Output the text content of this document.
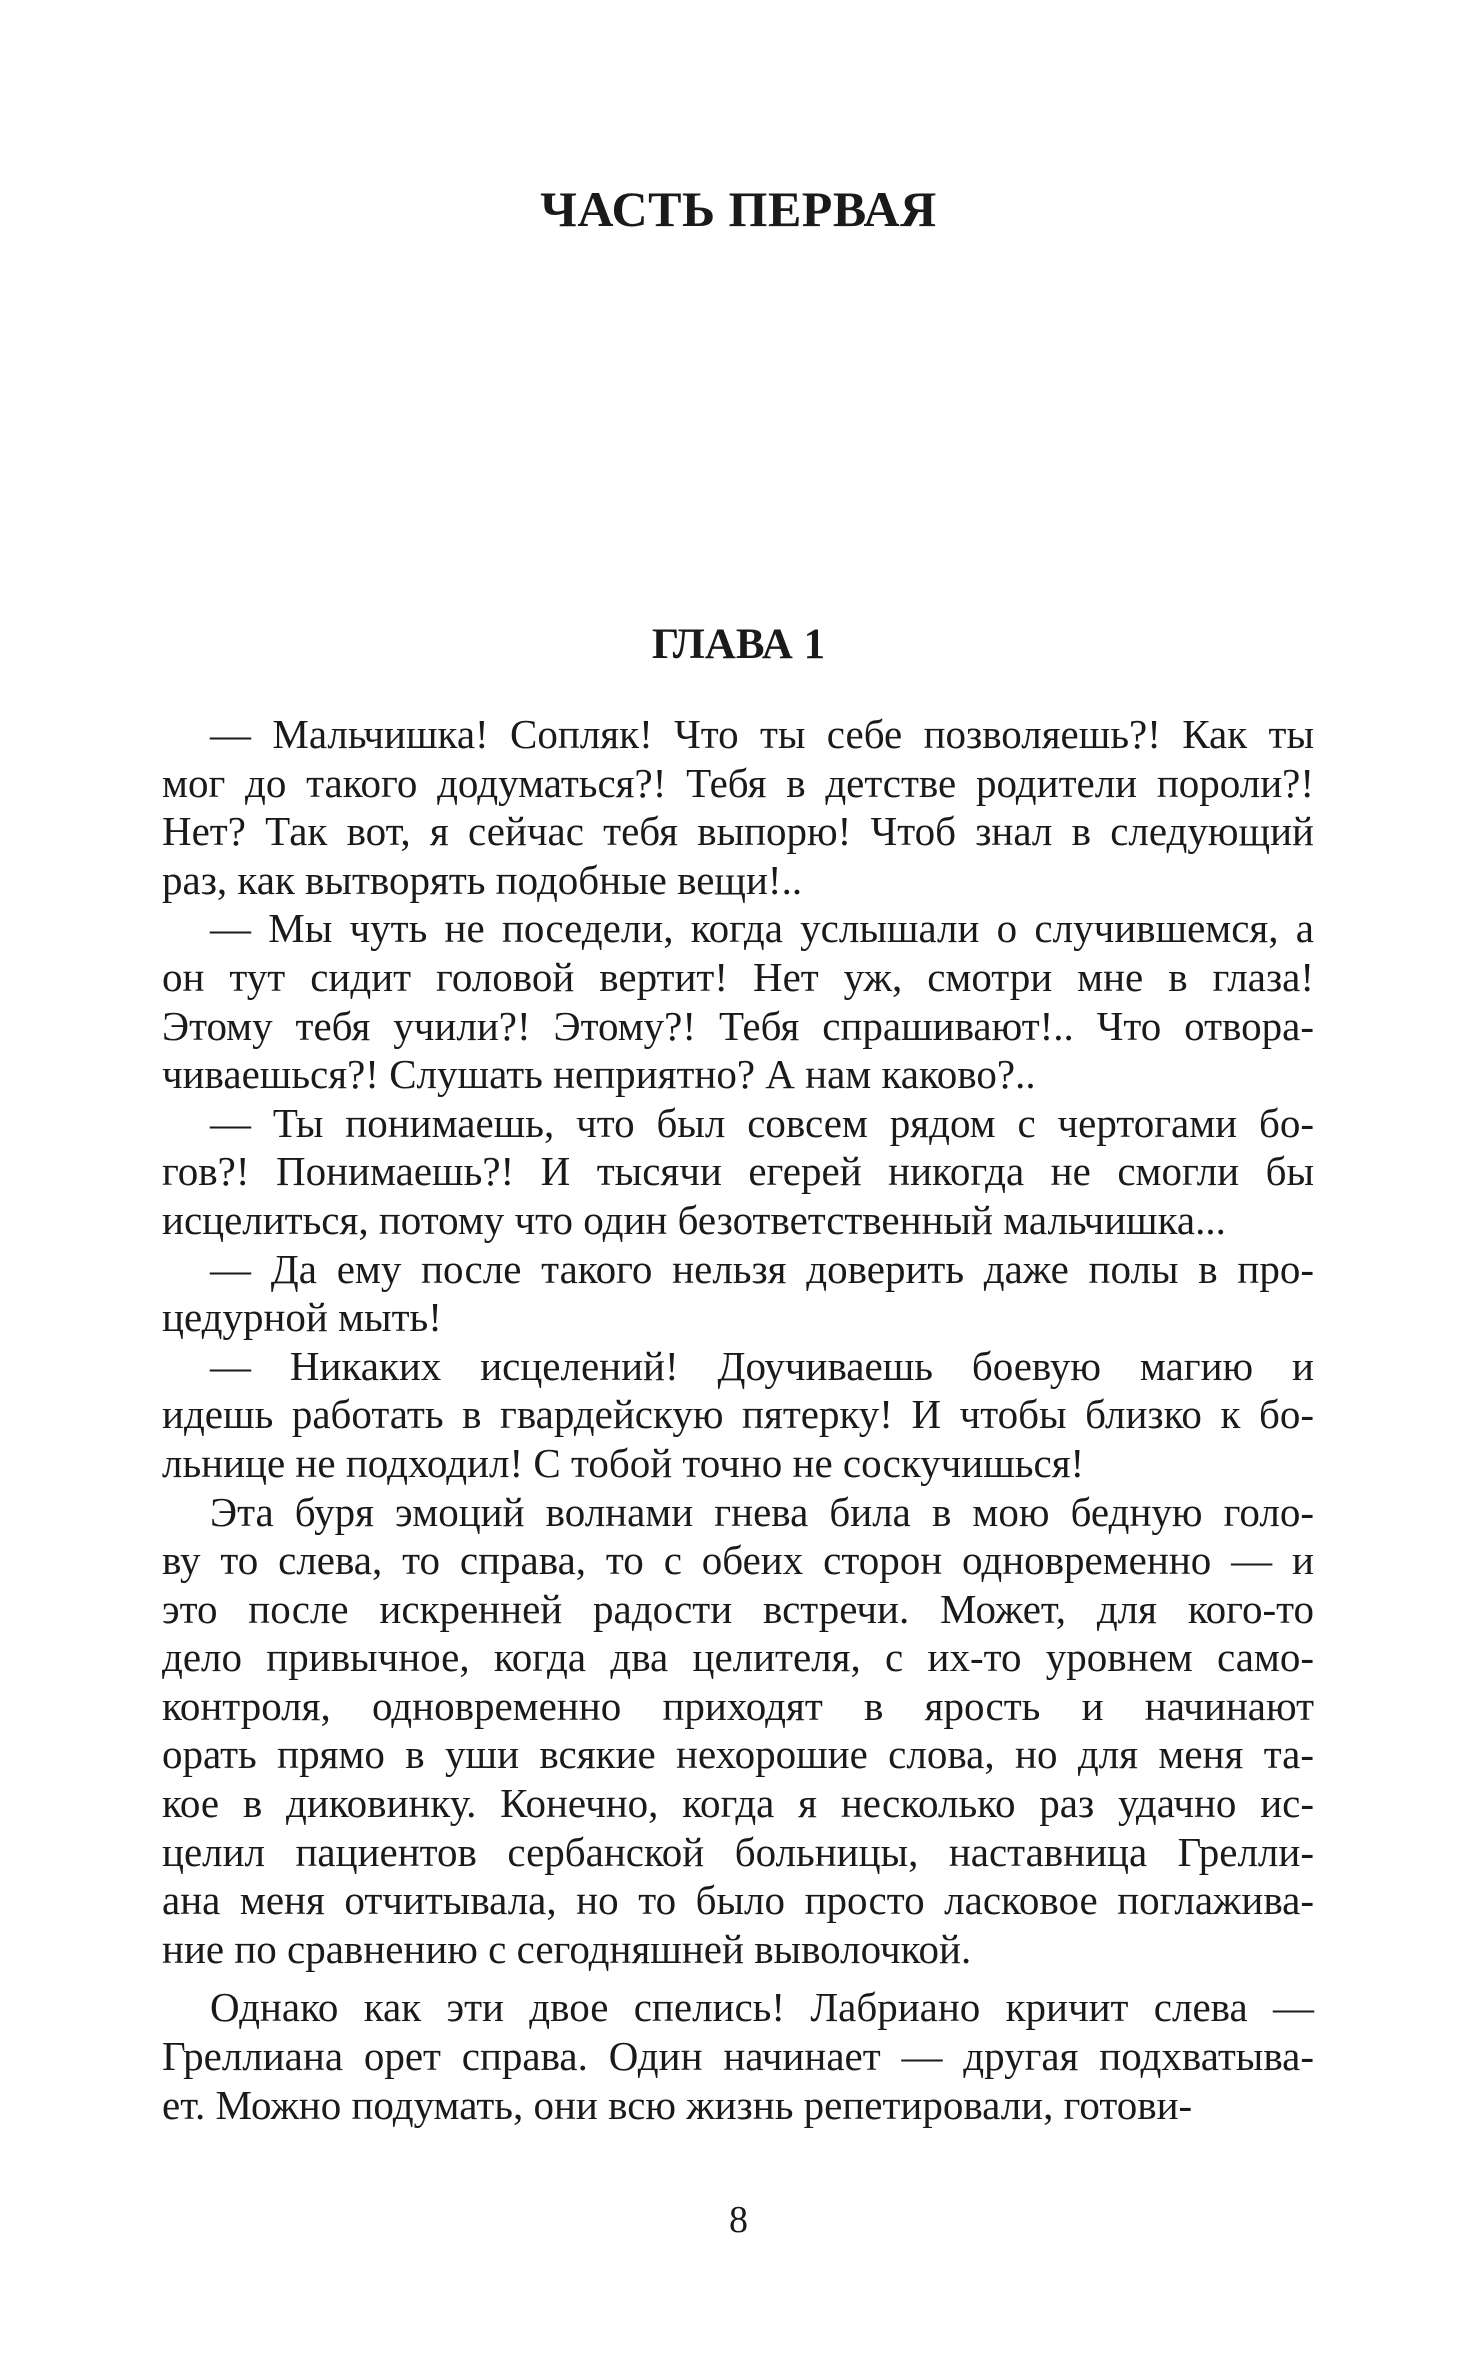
ЧАСТЬ ПЕРВАЯ
ГЛАВА 1
— Мальчишка! Сопляк! Что ты себе позволяешь?! Как ты
мог до такого додуматься?! Тебя в детстве родители пороли?!
Нет? Так вот, я сейчас тебя выпорю! Чтоб знал в следующий
раз, как вытворять подобные вещи!..
— Мы чуть не поседели, когда услышали о случившемся, а
он тут сидит головой вертит! Нет уж, смотри мне в глаза!
Этому тебя учили?! Этому?! Тебя спрашивают!.. Что отвора-
чиваешься?! Слушать неприятно? А нам каково?..
— Ты понимаешь, что был совсем рядом с чертогами бо-
гов?! Понимаешь?! И тысячи егерей никогда не смогли бы
исцелиться, потому что один безответственный мальчишка...
— Да ему после такого нельзя доверить даже полы в про-
цедурной мыть!
— Никаких исцелений! Доучиваешь боевую магию и
идешь работать в гвардейскую пятерку! И чтобы близко к бо-
льнице не подходил! С тобой точно не соскучишься!
Эта буря эмоций волнами гнева била в мою бедную голо-
ву то слева, то справа, то с обеих сторон одновременно — и
это после искренней радости встречи. Может, для кого-то
дело привычное, когда два целителя, с их-то уровнем само-
контроля, одновременно приходят в ярость и начинают
орать прямо в уши всякие нехорошие слова, но для меня та-
кое в диковинку. Конечно, когда я несколько раз удачно ис-
целил пациентов сербанской больницы, наставница Грелли-
ана меня отчитывала, но то было просто ласковое поглажива-
ние по сравнению с сегодняшней выволочкой.
Однако как эти двое спелись! Лабриано кричит слева —
Греллиана орет справа. Один начинает — другая подхватыва-
ет. Можно подумать, они всю жизнь репетировали, готови-
8
